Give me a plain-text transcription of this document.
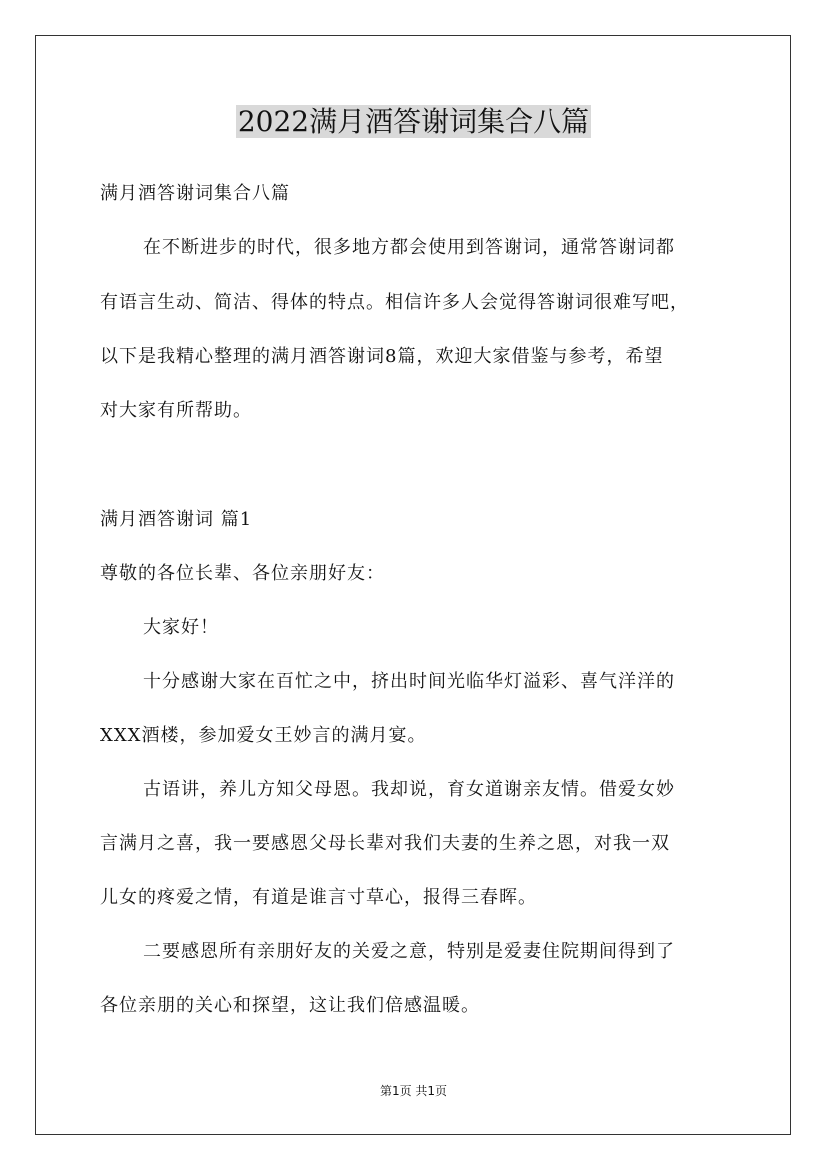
2022满月酒答谢词集合八篇
满月酒答谢词集合八篇
在不断进步的时代，很多地方都会使用到答谢词，通常答谢词都
有语言生动、简洁、得体的特点。相信许多人会觉得答谢词很难写吧，
以下是我精心整理的满月酒答谢词8篇，欢迎大家借鉴与参考，希望
对大家有所帮助。
满月酒答谢词 篇1
尊敬的各位长辈、各位亲朋好友：
大家好！
十分感谢大家在百忙之中，挤出时间光临华灯溢彩、喜气洋洋的
XXX酒楼，参加爱女王妙言的满月宴。
古语讲，养儿方知父母恩。我却说，育女道谢亲友情。借爱女妙
言满月之喜，我一要感恩父母长辈对我们夫妻的生养之恩，对我一双
儿女的疼爱之情，有道是谁言寸草心，报得三春晖。
二要感恩所有亲朋好友的关爱之意，特别是爱妻住院期间得到了
各位亲朋的关心和探望，这让我们倍感温暖。
第1页 共1页
